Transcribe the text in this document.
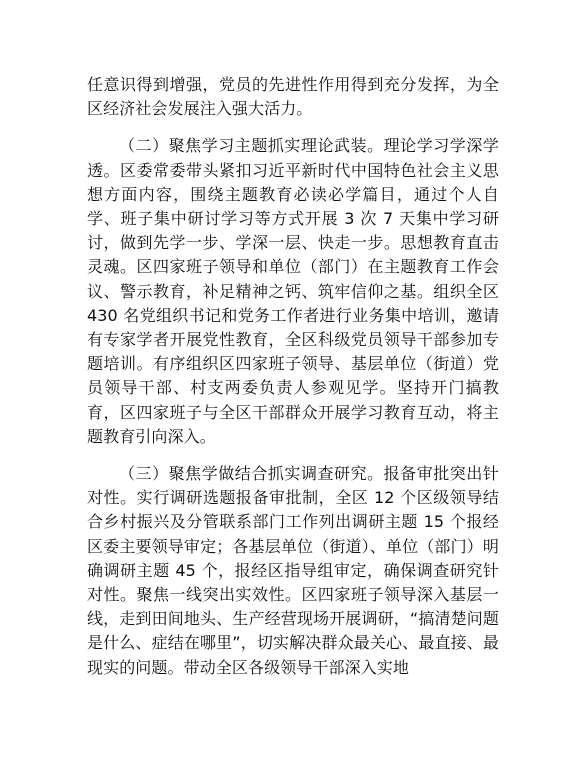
任意识得到增强，党员的先进性作用得到充分发挥，为全区经济社会发展注入强大活力。

（二）聚焦学习主题抓实理论武装。理论学习学深学透。区委常委带头紧扣习近平新时代中国特色社会主义思想方面内容，围绕主题教育必读必学篇目，通过个人自学、班子集中研讨学习等方式开展 3 次 7 天集中学习研讨，做到先学一步、学深一层、快走一步。思想教育直击灵魂。区四家班子领导和单位（部门）在主题教育工作会议、警示教育，补足精神之钙、筑牢信仰之基。组织全区 430 名党组织书记和党务工作者进行业务集中培训，邀请有专家学者开展党性教育，全区科级党员领导干部参加专题培训。有序组织区四家班子领导、基层单位（街道）党员领导干部、村支两委负责人参观见学。坚持开门搞教育，区四家班子与全区干部群众开展学习教育互动，将主题教育引向深入。

（三）聚焦学做结合抓实调查研究。报备审批突出针对性。实行调研选题报备审批制，全区 12 个区级领导结合乡村振兴及分管联系部门工作列出调研主题 15 个报经区委主要领导审定；各基层单位（街道）、单位（部门）明确调研主题 45 个，报经区指导组审定，确保调查研究针对性。聚焦一线突出实效性。区四家班子领导深入基层一线，走到田间地头、生产经营现场开展调研，“搞清楚问题是什么、症结在哪里”，切实解决群众最关心、最直接、最现实的问题。带动全区各级领导干部深入实地
